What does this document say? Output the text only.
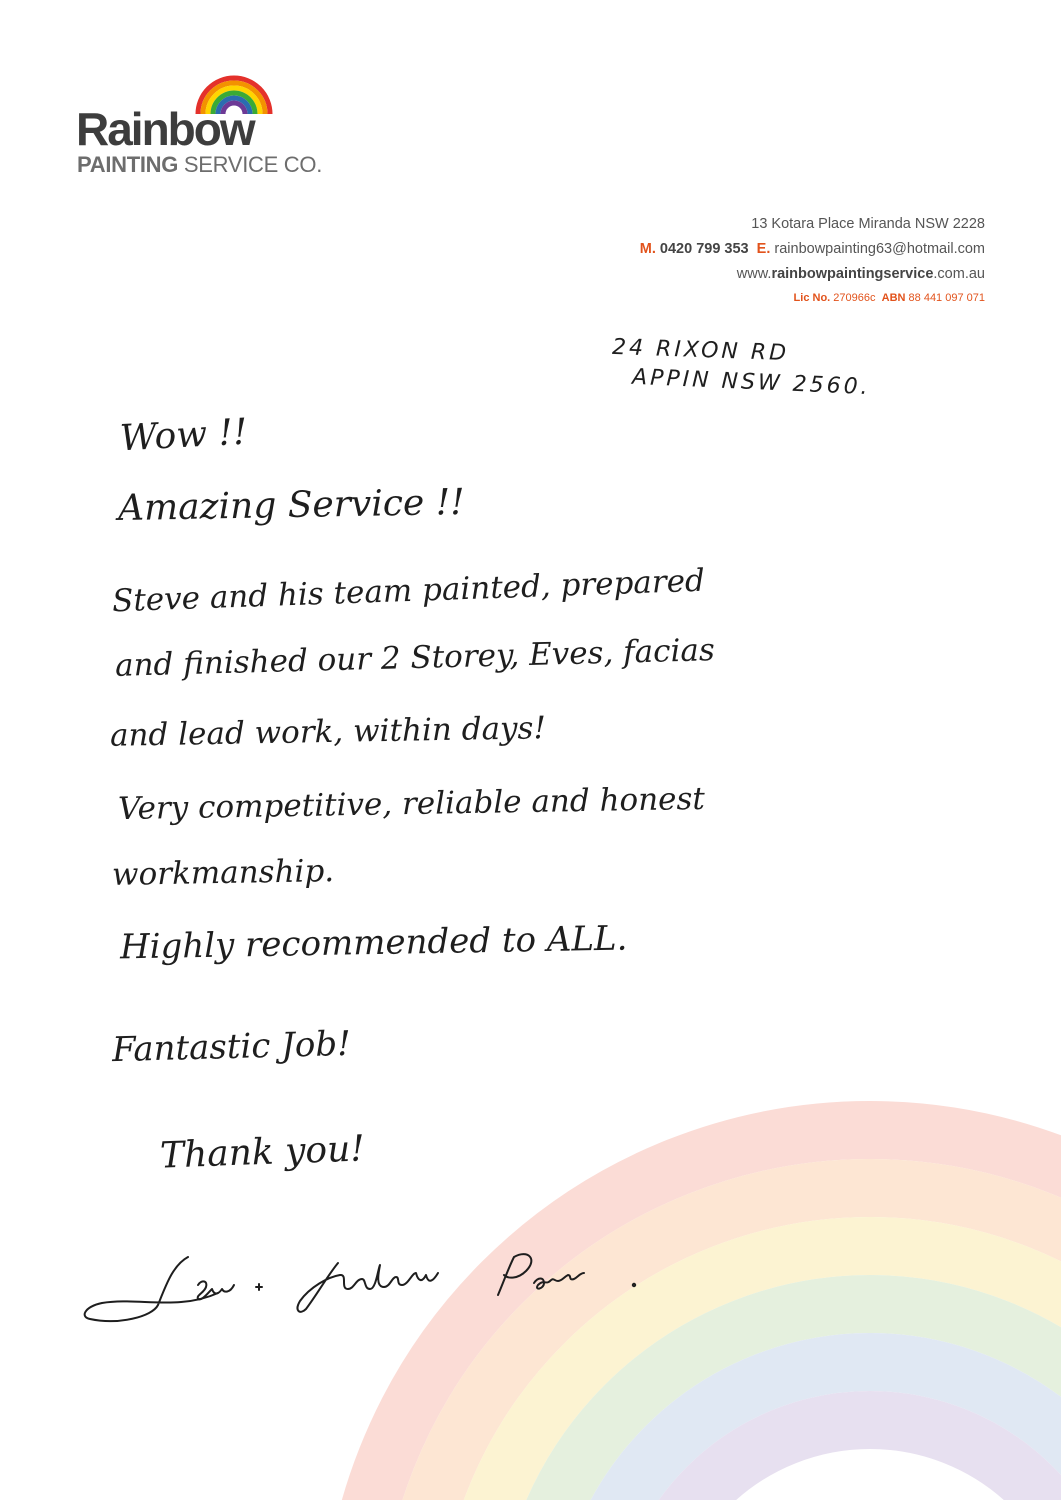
Rainbow
PAINTING SERVICE CO.
13 Kotara Place Miranda NSW 2228
M. 0420 799 353 E. rainbowpainting63@hotmail.com
www.rainbowpaintingservice.com.au
Lic No. 270966c ABN 88 441 097 071
24 RIXON RD
APPIN NSW 2560.
Wow !!
Amazing Service !!
Steve and his team painted, prepared
and finished our 2 Storey, Eves, facias
and lead work, within days!
Very competitive, reliable and honest
workmanship.
Highly recommended to ALL.
Fantastic Job!
Thank you!
